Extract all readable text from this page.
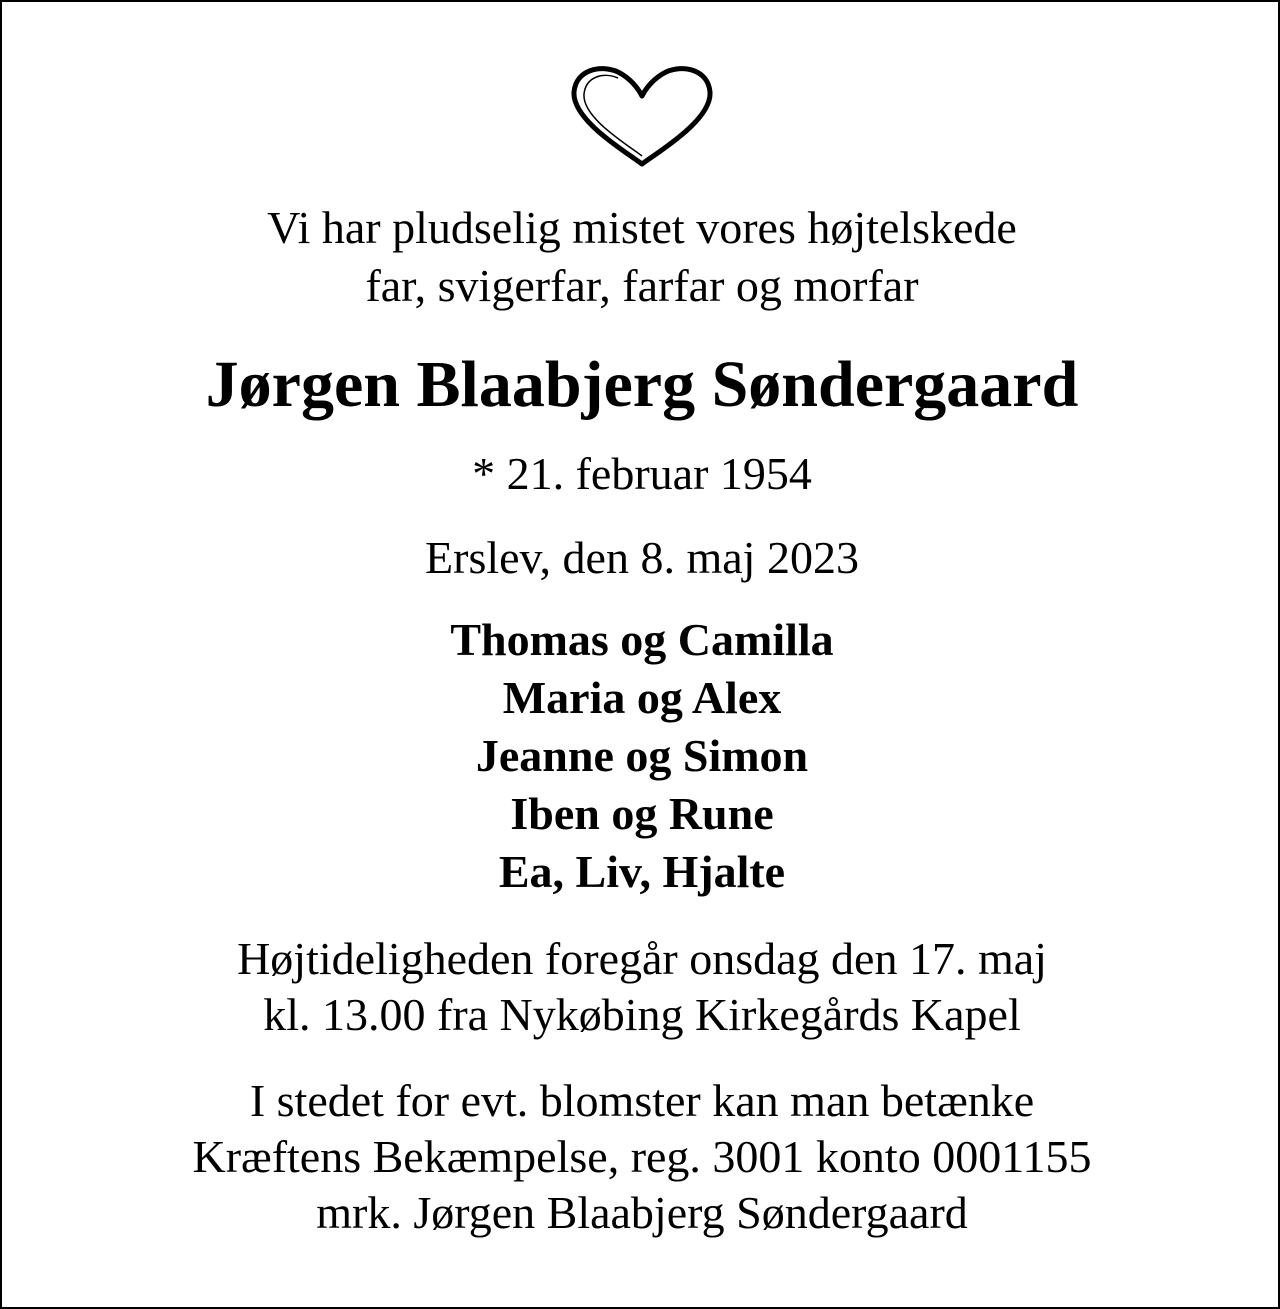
Vi har pludselig mistet vores højtelskede

far, svigerfar, farfar og morfar

Jørgen Blaabjerg Søndergaard

* 21. februar 1954

Erslev, den 8. maj 2023

Thomas og Camilla

Maria og Alex

Jeanne og Simon

Iben og Rune

Ea, Liv, Hjalte

Højtideligheden foregår onsdag den 17. maj

kl. 13.00 fra Nykøbing Kirkegårds Kapel

I stedet for evt. blomster kan man betænke

Kræftens Bekæmpelse, reg. 3001 konto 0001155

mrk. Jørgen Blaabjerg Søndergaard
